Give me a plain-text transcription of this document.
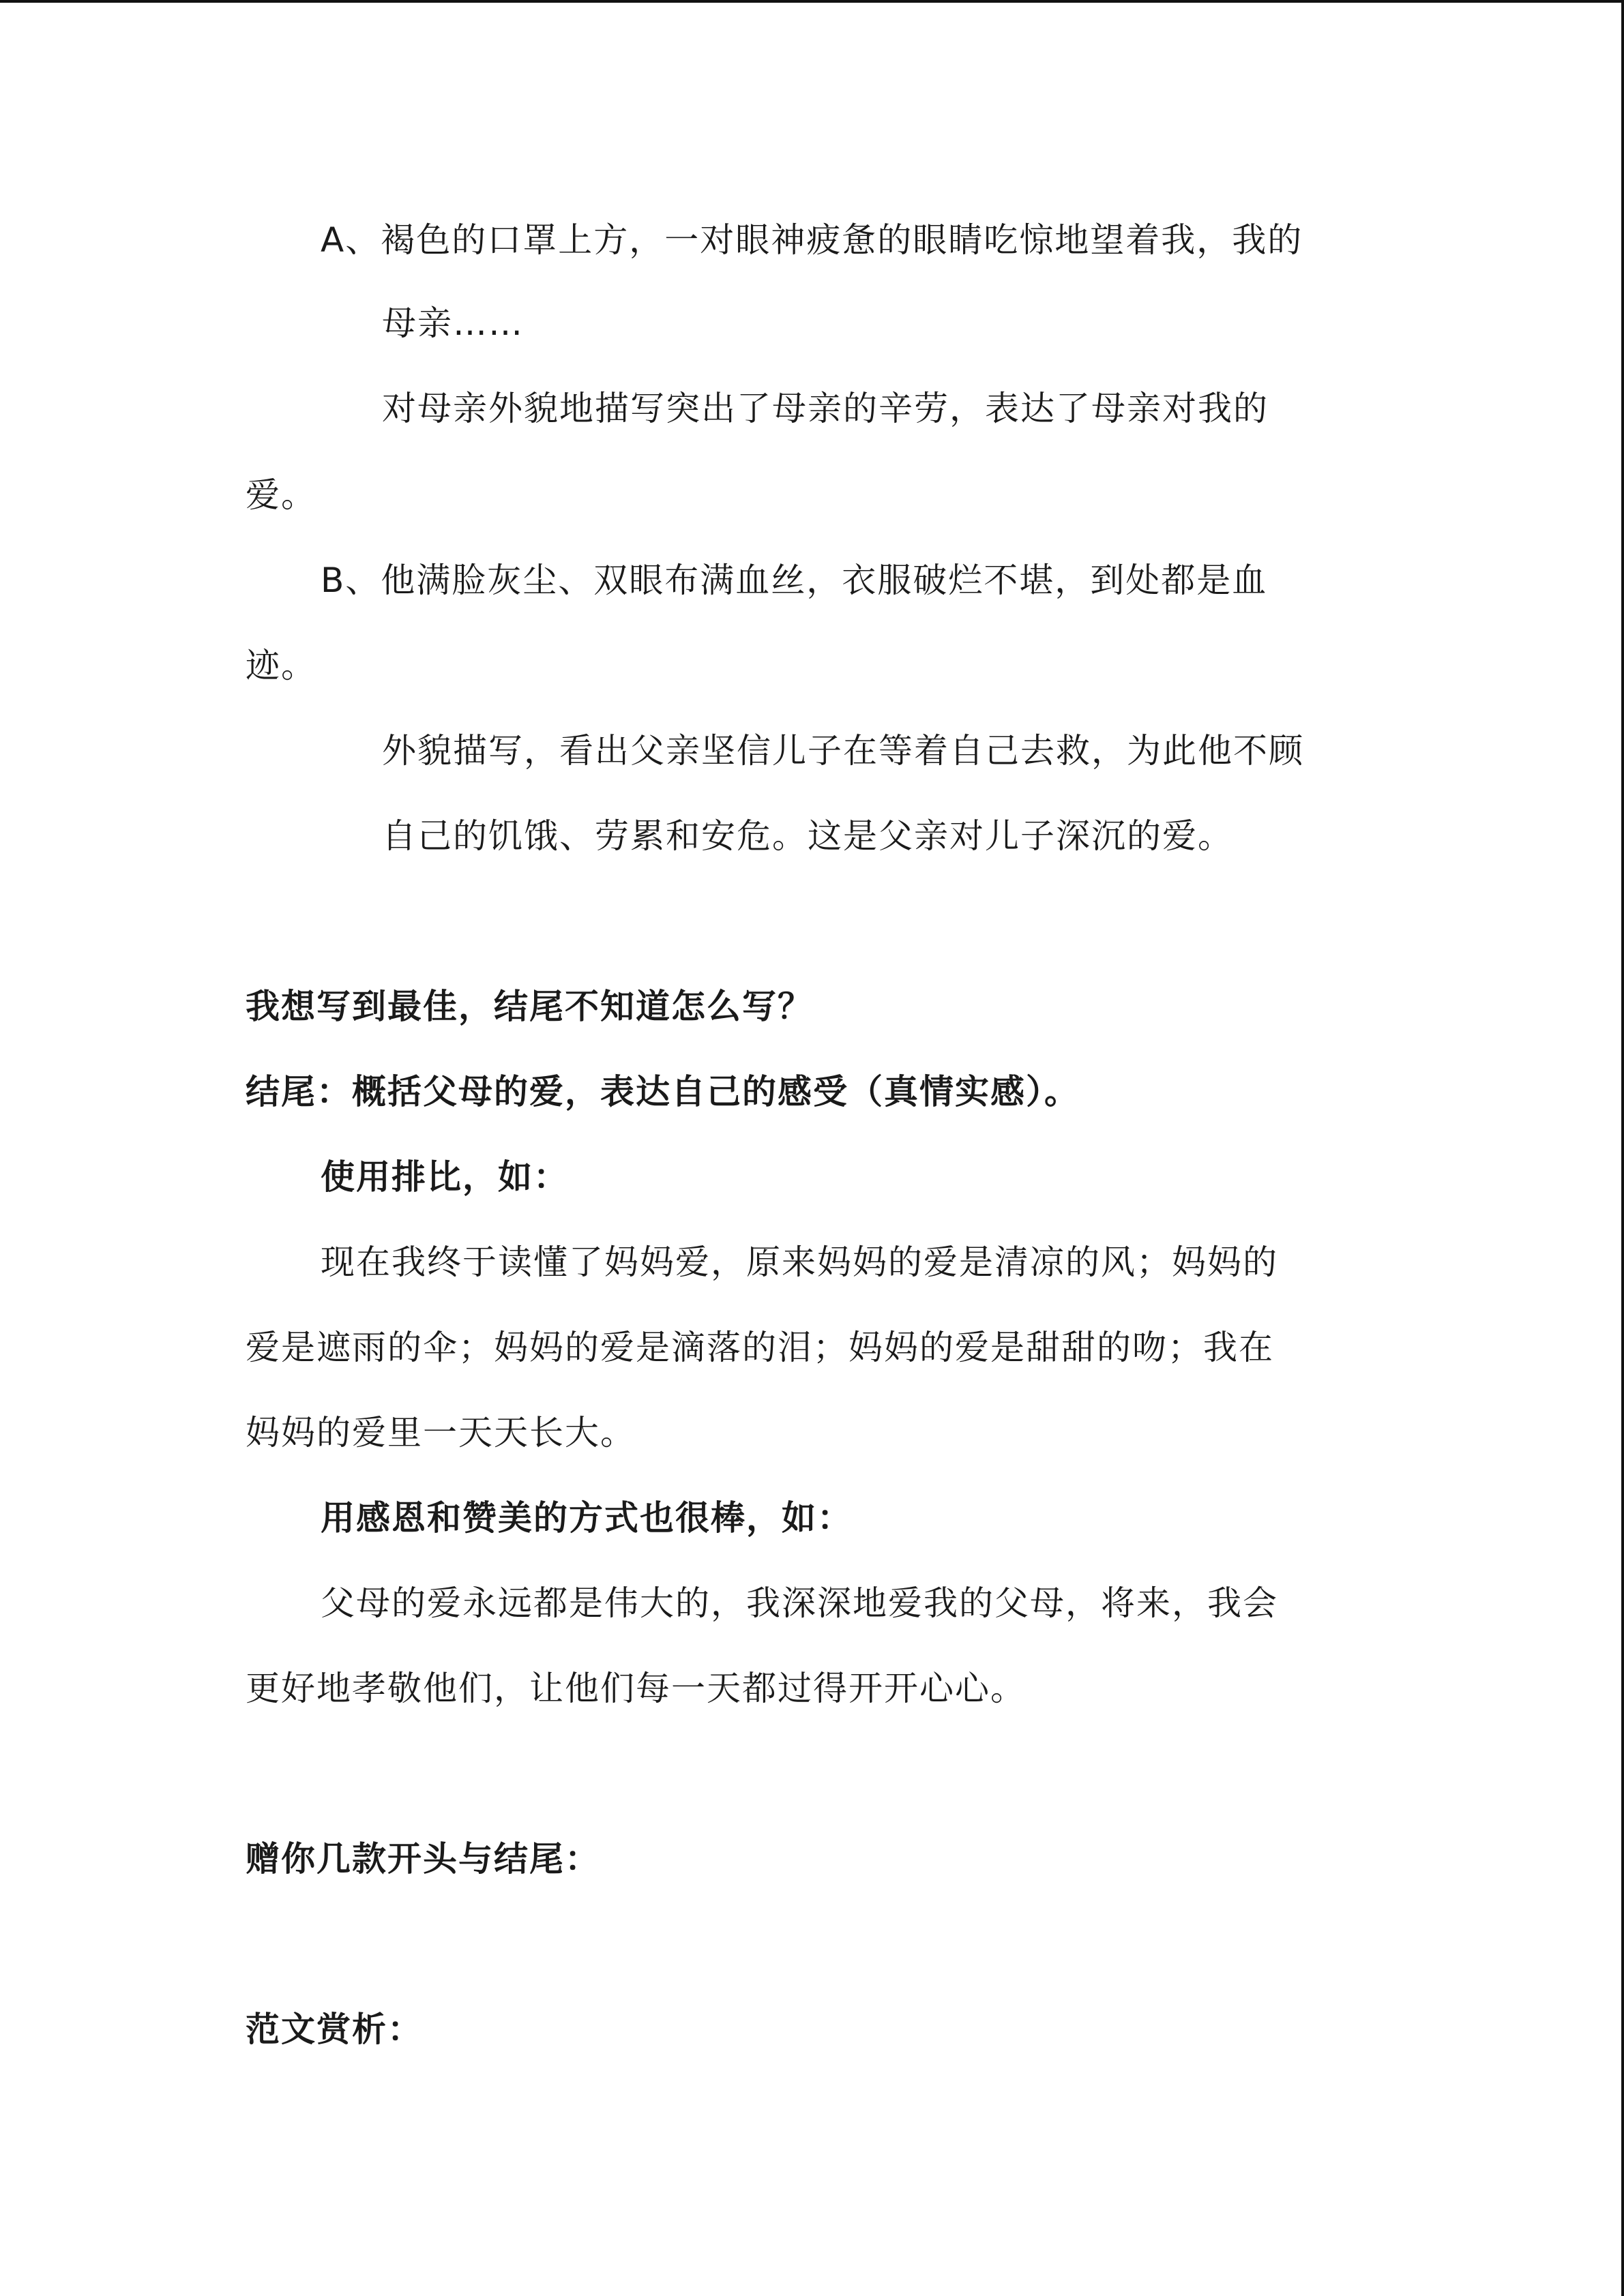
A、褐色的口罩上方，一对眼神疲惫的眼睛吃惊地望着我，我的
母亲……
对母亲外貌地描写突出了母亲的辛劳，表达了母亲对我的
爱。
B、他满脸灰尘、双眼布满血丝，衣服破烂不堪，到处都是血
迹。
外貌描写，看出父亲坚信儿子在等着自己去救，为此他不顾
自己的饥饿、劳累和安危。这是父亲对儿子深沉的爱。
我想写到最佳，结尾不知道怎么写？
结尾：概括父母的爱，表达自己的感受（真情实感）。
使用排比，如：
现在我终于读懂了妈妈爱，原来妈妈的爱是清凉的风；妈妈的
爱是遮雨的伞；妈妈的爱是滴落的泪；妈妈的爱是甜甜的吻；我在
妈妈的爱里一天天长大。
用感恩和赞美的方式也很棒，如：
父母的爱永远都是伟大的，我深深地爱我的父母，将来，我会
更好地孝敬他们，让他们每一天都过得开开心心。
赠你几款开头与结尾：
范文赏析：
